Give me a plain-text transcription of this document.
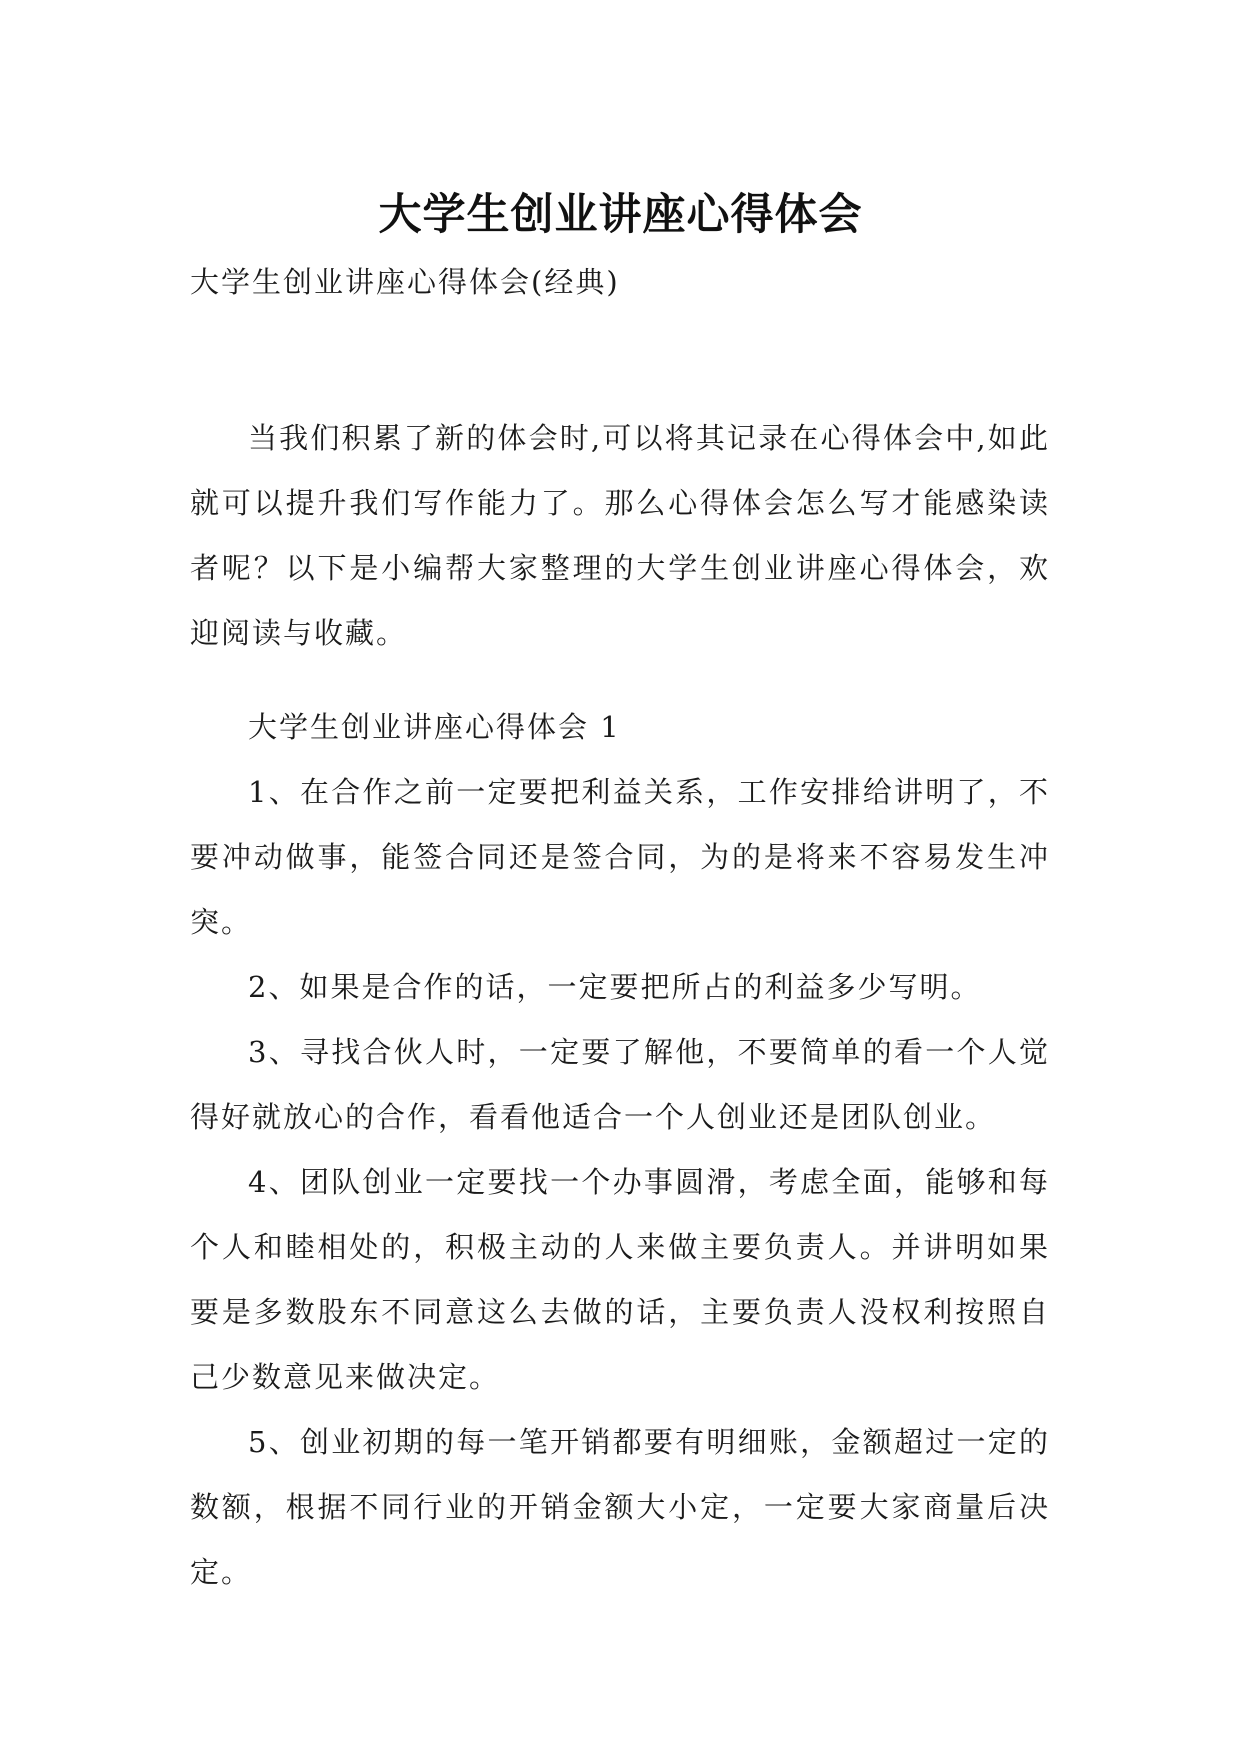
大学生创业讲座心得体会
大学生创业讲座心得体会(经典)

当我们积累了新的体会时,可以将其记录在心得体会中,如此就可以提升我们写作能力了。那么心得体会怎么写才能感染读者呢？以下是小编帮大家整理的大学生创业讲座心得体会，欢迎阅读与收藏。

大学生创业讲座心得体会 1

1、在合作之前一定要把利益关系，工作安排给讲明了，不要冲动做事，能签合同还是签合同，为的是将来不容易发生冲突。

2、如果是合作的话，一定要把所占的利益多少写明。

3、寻找合伙人时，一定要了解他，不要简单的看一个人觉得好就放心的合作，看看他适合一个人创业还是团队创业。

4、团队创业一定要找一个办事圆滑，考虑全面，能够和每个人和睦相处的，积极主动的人来做主要负责人。并讲明如果要是多数股东不同意这么去做的话，主要负责人没权利按照自己少数意见来做决定。

5、创业初期的每一笔开销都要有明细账，金额超过一定的数额，根据不同行业的开销金额大小定，一定要大家商量后决定。
